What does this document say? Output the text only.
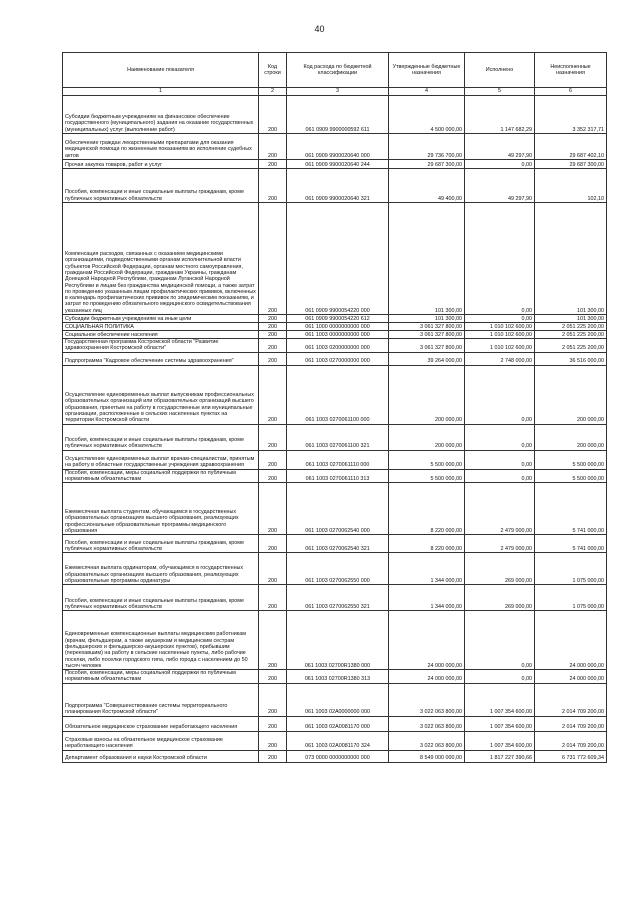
40
Наименование показателя	Код строки	Код расхода по бюджетной классификации	Утвержденные бюджетные назначения	Исполнено	Неисполненные назначения
1	2	3	4	5	6
Субсидии бюджетным учреждениям на финансовое обеспечение государственного (муниципального) задания на оказание государственных (муниципальных) услуг (выполнение работ)	200	061 0909 9900000592 611	4 500 000,00	1 147 682,29	3 352 317,71
Обеспечение граждан лекарственными препаратами для оказания медицинской помощи по жизненным показаниям во исполнение судебных актов	200	061 0909 9900020640 000	29 736 700,00	49 297,90	29 687 402,10
Прочая закупка товаров, работ и услуг	200	061 0909 9900020640 244	29 687 300,00	0,00	29 687 300,00
Пособия, компенсации и иные социальные выплаты гражданам, кроме публичных нормативных обязательств	200	061 0909 9900020640 321	49 400,00	49 297,90	102,10
Компенсация расходов, связанных с оказанием медицинскими организациями, подведомственными органам исполнительной власти субъектов Российской Федерации, органам местного самоуправления, гражданам Российской Федерации, гражданам Украины, гражданам Донецкой Народной Республики, гражданам Луганской Народной Республики и лицам без гражданства медицинской помощи, а также затрат по проведению указанным лицам профилактических прививок, включенных в календарь профилактических прививок по эпидемическим показаниям, и затрат по проведению обязательного медицинского освидетельствования указанных лиц	200	061 0909 9900054220 000	101 300,00	0,00	101 300,00
Субсидии бюджетным учреждениям на иные цели	200	061 0909 9900054220 612	101 300,00	0,00	101 300,00
СОЦИАЛЬНАЯ ПОЛИТИКА	200	061 1000 0000000000 000	3 061 327 800,00	1 010 102 600,00	2 051 225 200,00
Социальное обеспечение населения	200	061 1003 0000000000 000	3 061 327 800,00	1 010 102 600,00	2 051 225 200,00
Государственная программа Костромской области "Развитие здравоохранения Костромской области"	200	061 1003 0200000000 000	3 061 327 800,00	1 010 102 600,00	2 051 225 200,00
Подпрограмма "Кадровое обеспечение системы здравоохранения"	200	061 1003 0270000000 000	39 264 000,00	2 748 000,00	36 516 000,00
Осуществление единовременных выплат выпускникам профессиональных образовательных организаций или образовательных организаций высшего образования, принятым на работу в государственные или муниципальные организации, расположенные в сельских населенных пунктах на территории Костромской области	200	061 1003 0270061100 000	200 000,00	0,00	200 000,00
Пособия, компенсации и иные социальные выплаты гражданам, кроме публичных нормативных обязательств	200	061 1003 0270061100 321	200 000,00	0,00	200 000,00
Осуществление единовременных выплат врачам-специалистам, принятым на работу в областные государственные учреждения здравоохранения	200	061 1003 0270061110 000	5 500 000,00	0,00	5 500 000,00
Пособия, компенсации, меры социальной поддержки по публичным нормативным обязательствам	200	061 1003 0270061110 313	5 500 000,00	0,00	5 500 000,00
Ежемесячная выплата студентам, обучающимся в государственных образовательных организациях высшего образования, реализующих профессиональные образовательные программы медицинского образования	200	061 1003 0270062540 000	8 220 000,00	2 479 000,00	5 741 000,00
Пособия, компенсации и иные социальные выплаты гражданам, кроме публичных нормативных обязательств	200	061 1003 0270062540 321	8 220 000,00	2 479 000,00	5 741 000,00
Ежемесячная выплата ординаторам, обучающимся в государственных образовательных организациях высшего образования, реализующих образовательные программы ординатуры	200	061 1003 0270062550 000	1 344 000,00	269 000,00	1 075 000,00
Пособия, компенсации и иные социальные выплаты гражданам, кроме публичных нормативных обязательств	200	061 1003 0270062550 321	1 344 000,00	269 000,00	1 075 000,00
Единовременные компенсационные выплаты медицинским работникам (врачам, фельдшерам, а также акушеркам и медицинским сестрам фельдшерских и фельдшерско-акушерских пунктов), прибывшим (переехавшим) на работу в сельские населенные пункты, либо рабочие поселки, либо поселки городского типа, либо города с населением до 50 тысяч человек	200	061 1003 02700R1380 000	24 000 000,00	0,00	24 000 000,00
Пособия, компенсации, меры социальной поддержки по публичным нормативным обязательствам	200	061 1003 02700R1380 313	24 000 000,00	0,00	24 000 000,00
Подпрограмма "Совершенствование системы территориального планирования Костромской области"	200	061 1003 02А0000000 000	3 022 063 800,00	1 007 354 600,00	2 014 709 200,00
Обязательное медицинское страхование неработающего населения	200	061 1003 02А0081170 000	3 022 063 800,00	1 007 354 600,00	2 014 709 200,00
Страховые взносы на обязательное медицинское страхование неработающего населения	200	061 1003 02А0081170 324	3 022 063 800,00	1 007 354 600,00	2 014 709 200,00
Департамент образования и науки Костромской области	200	073 0000 0000000000 000	8 549 000 000,00	1 817 227 390,66	6 731 772 609,34
